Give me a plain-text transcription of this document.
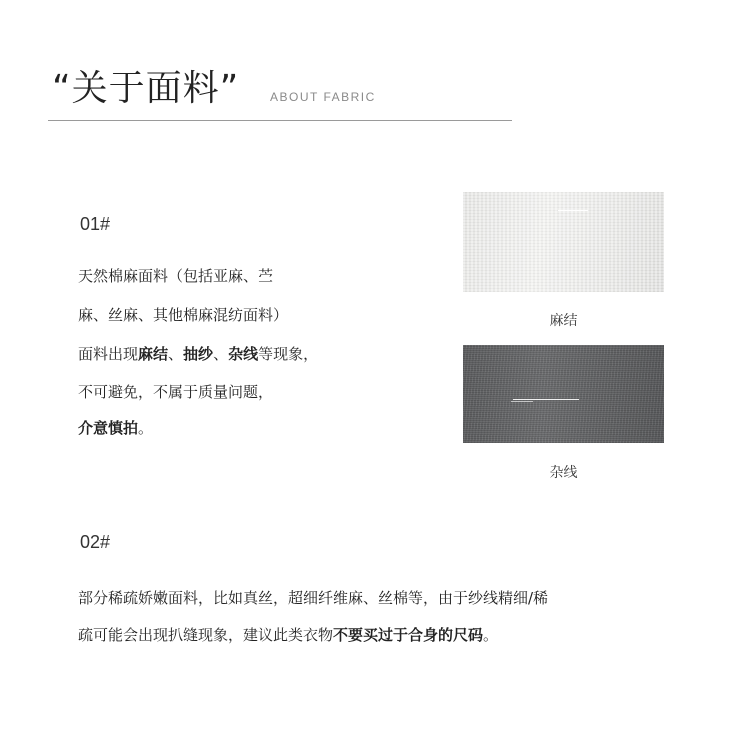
“关于面料”	ABOUT FABRIC
01#
天然棉麻面料（包括亚麻、苎
麻、丝麻、其他棉麻混纺面料）
面料出现麻结、抽纱、杂线等现象，
不可避免，不属于质量问题，
介意慎拍。
麻结
杂线
02#
部分稀疏娇嫩面料，比如真丝，超细纤维麻、丝棉等，由于纱线精细/稀
疏可能会出现扒缝现象，建议此类衣物不要买过于合身的尺码。
